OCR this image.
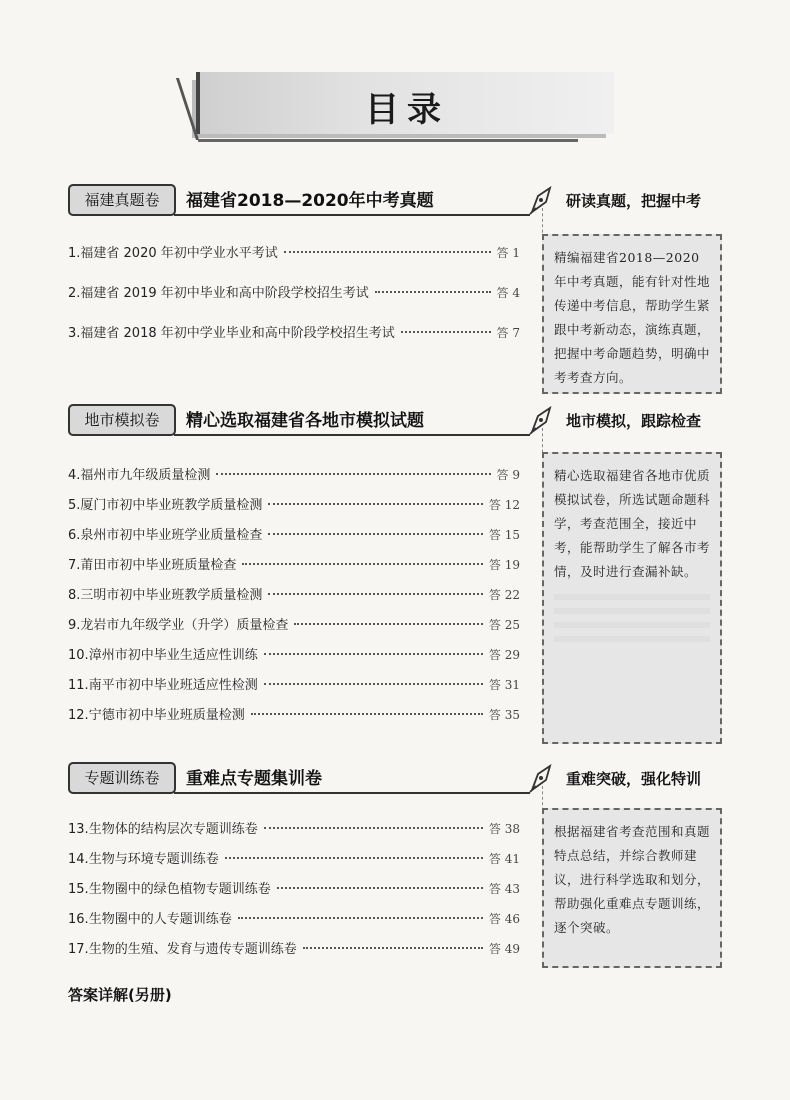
目录
福建真题卷	福建省2018—2020年中考真题	研读真题，把握中考
1. 福建省 2020 年初中学业水平考试	答 1
2. 福建省 2019 年初中毕业和高中阶段学校招生考试	答 4
3. 福建省 2018 年初中学业毕业和高中阶段学校招生考试	答 7
精编福建省2018—2020年中考真题，能有针对性地传递中考信息，帮助学生紧跟中考新动态，演练真题，把握中考命题趋势，明确中考考查方向。
地市模拟卷	精心选取福建省各地市模拟试题	地市模拟，跟踪检查
4. 福州市九年级质量检测	答 9
5. 厦门市初中毕业班教学质量检测	答 12
6. 泉州市初中毕业班学业质量检查	答 15
7. 莆田市初中毕业班质量检查	答 19
8. 三明市初中毕业班教学质量检测	答 22
9. 龙岩市九年级学业（升学）质量检查	答 25
10. 漳州市初中毕业生适应性训练	答 29
11. 南平市初中毕业班适应性检测	答 31
12. 宁德市初中毕业班质量检测	答 35
精心选取福建省各地市优质模拟试卷，所选试题命题科学，考查范围全，接近中考，能帮助学生了解各市考情，及时进行查漏补缺。
专题训练卷	重难点专题集训卷	重难突破，强化特训
13. 生物体的结构层次专题训练卷	答 38
14. 生物与环境专题训练卷	答 41
15. 生物圈中的绿色植物专题训练卷	答 43
16. 生物圈中的人专题训练卷	答 46
17. 生物的生殖、发育与遗传专题训练卷	答 49
根据福建省考查范围和真题特点总结，并综合教师建议，进行科学选取和划分，帮助强化重难点专题训练，逐个突破。
答案详解(另册)
